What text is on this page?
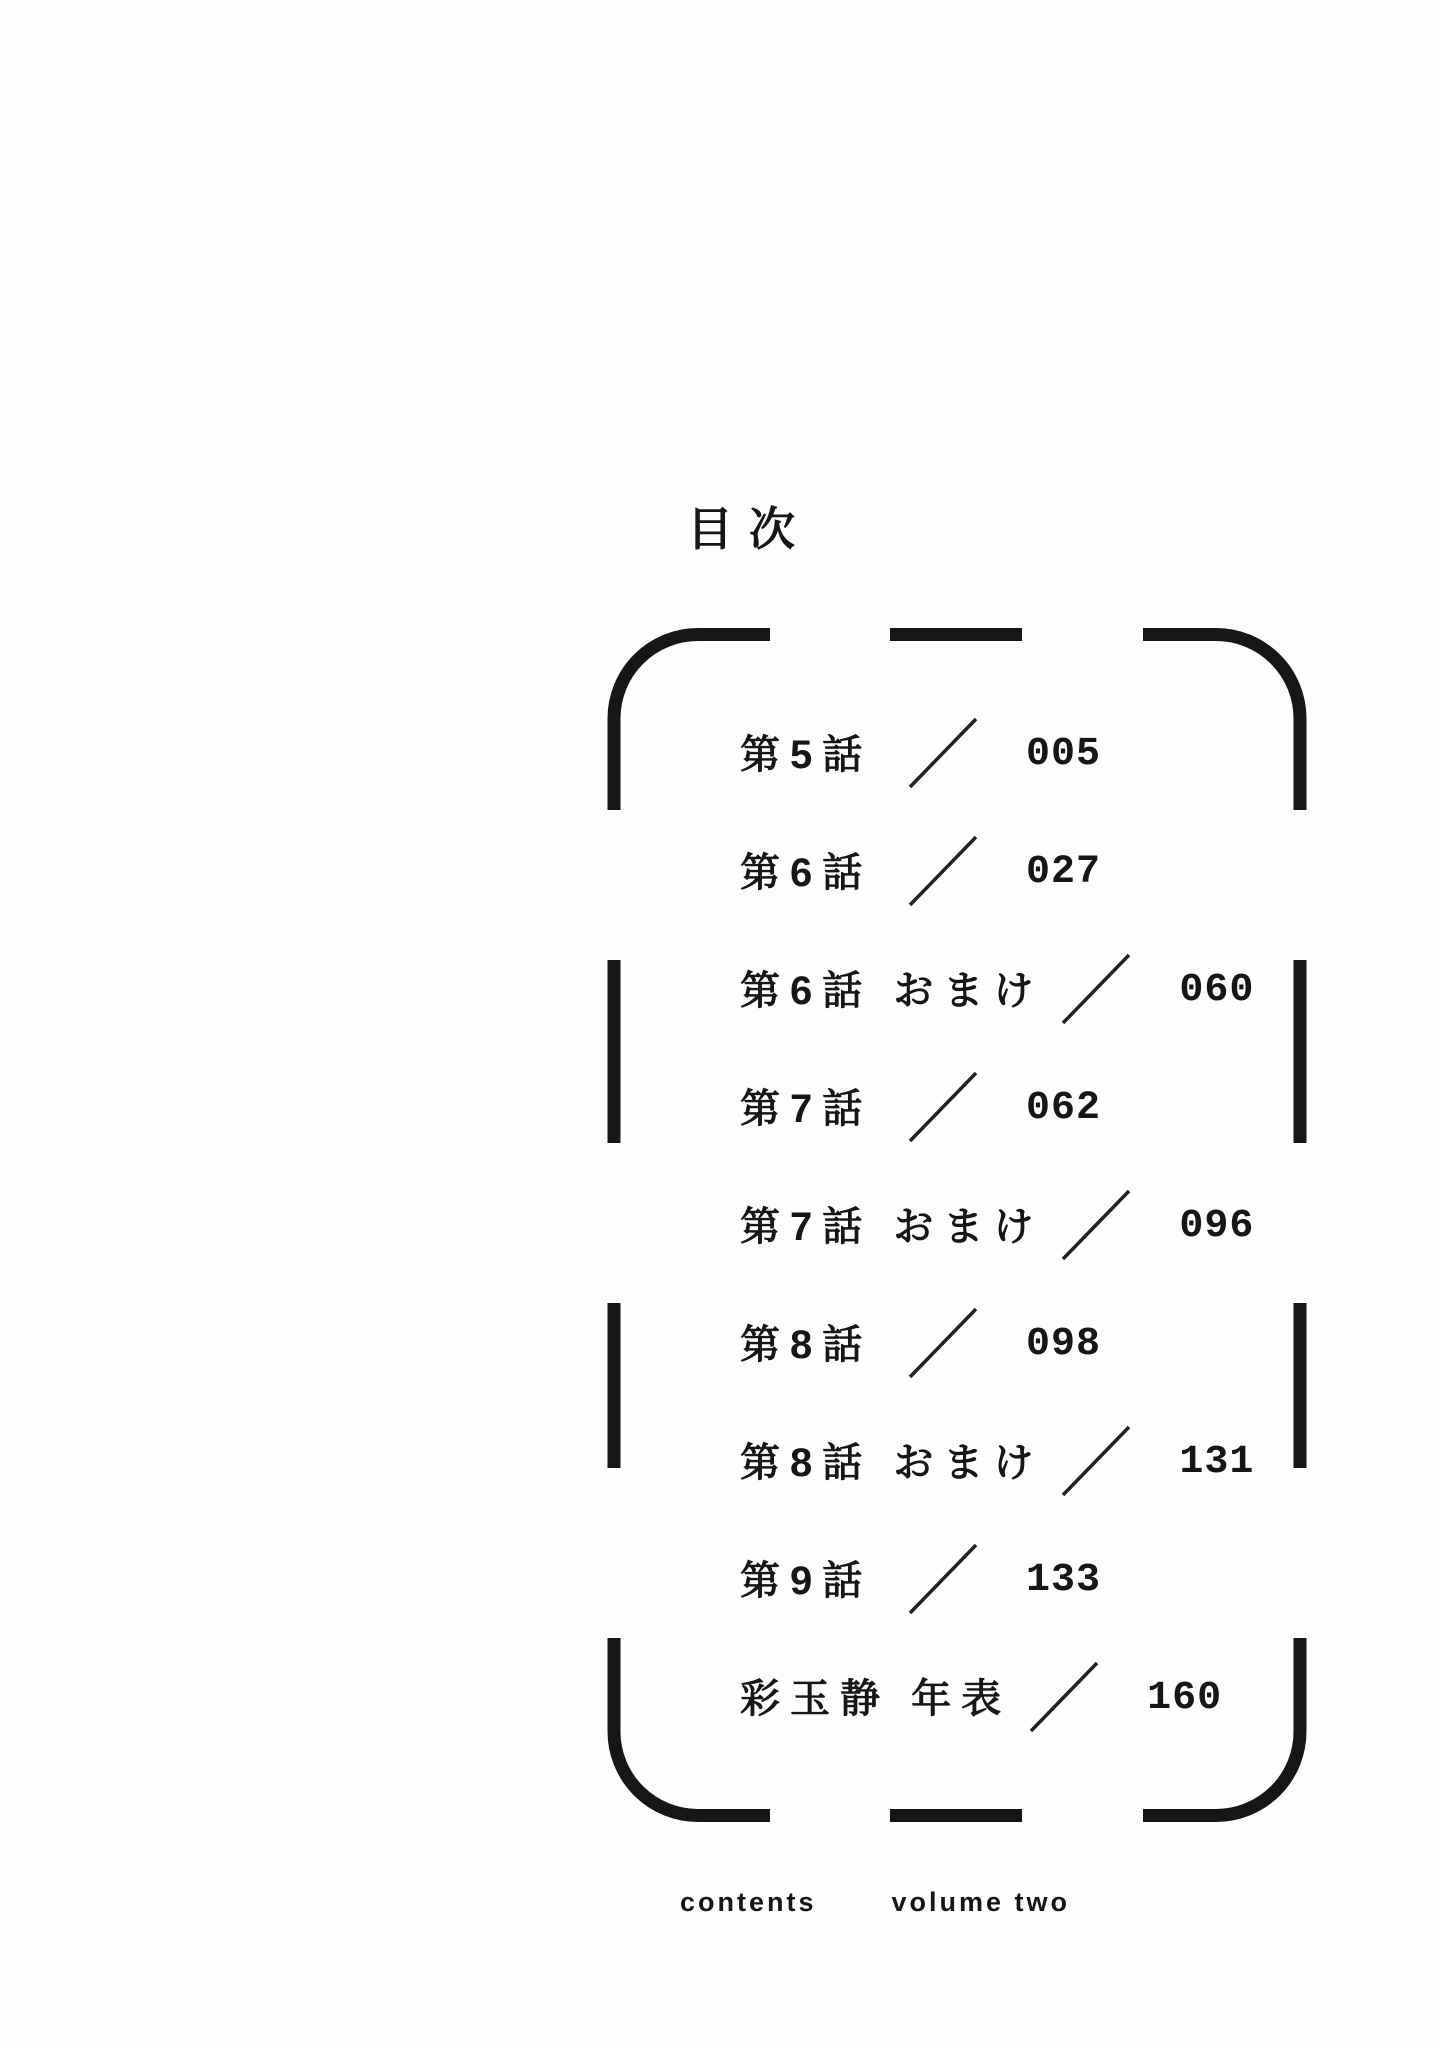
目次
第5話	005
第6話	027
第6話 おまけ	060
第7話	062
第7話 おまけ	096
第8話	098
第8話 おまけ	131
第9話	133
彩玉静 年表	160
contents	volume two
